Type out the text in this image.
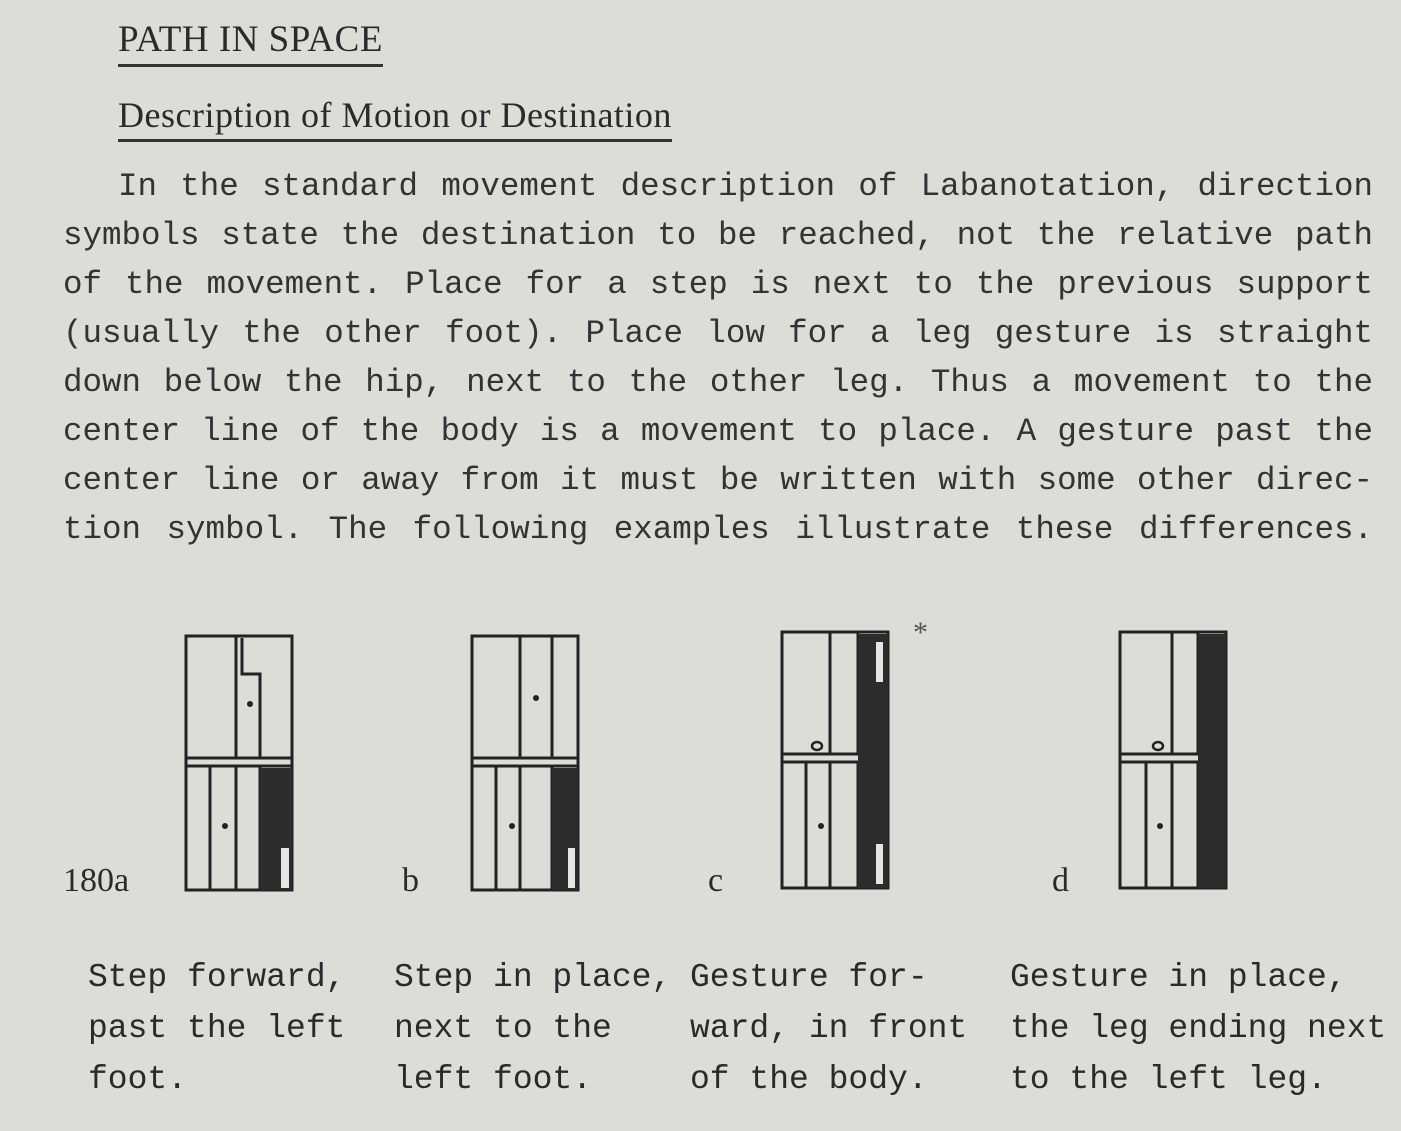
PATH IN SPACE
Description of Motion or Destination
In the standard movement description of Labanotation, direction
symbols state the destination to be reached, not the relative path
of the movement. Place for a step is next to the previous support
(usually the other foot). Place low for a leg gesture is straight
down below the hip, next to the other leg. Thus a movement to the
center line of the body is a movement to place. A gesture past the
center line or away from it must be written with some other direc-
tion symbol. The following examples illustrate these differences.
180a	b	c	d
*
Step forward,
past the left
foot.
Step in place,
next to the
left foot.
Gesture for-
ward, in front
of the body.
Gesture in place,
the leg ending next
to the left leg.
